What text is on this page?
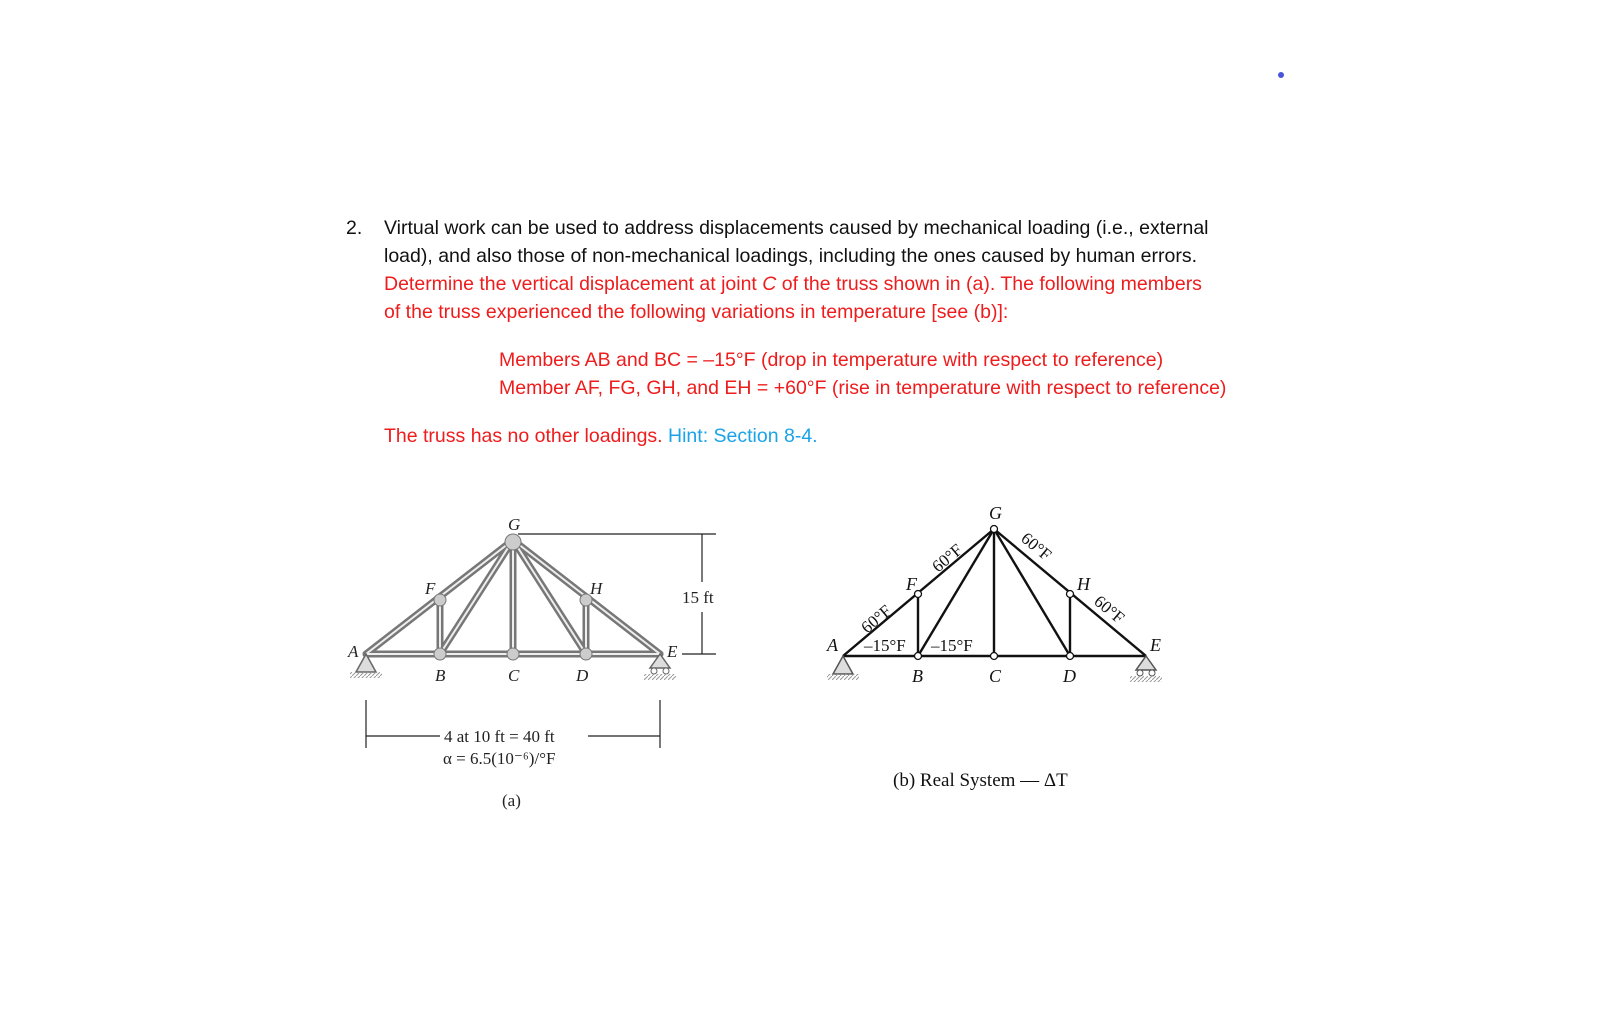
2. Virtual work can be used to address displacements caused by mechanical loading (i.e., external
load), and also those of non-mechanical loadings, including the ones caused by human errors.
Determine the vertical displacement at joint C of the truss shown in (a). The following members
of the truss experienced the following variations in temperature [see (b)]:
Members AB and BC = –15°F (drop in temperature with respect to reference)
Member AF, FG, GH, and EH = +60°F (rise in temperature with respect to reference)
The truss has no other loadings. Hint: Section 8-4.
G
F	H
A
B	C	D
E
15 ft
4 at 10 ft = 40 ft
α = 6.5(10⁻⁶)/°F
(a)
G
F	H
A
B	C	D
E
60°F
60°F	60°F
60°F
–15°F –15°F
(b) Real System — ΔT
